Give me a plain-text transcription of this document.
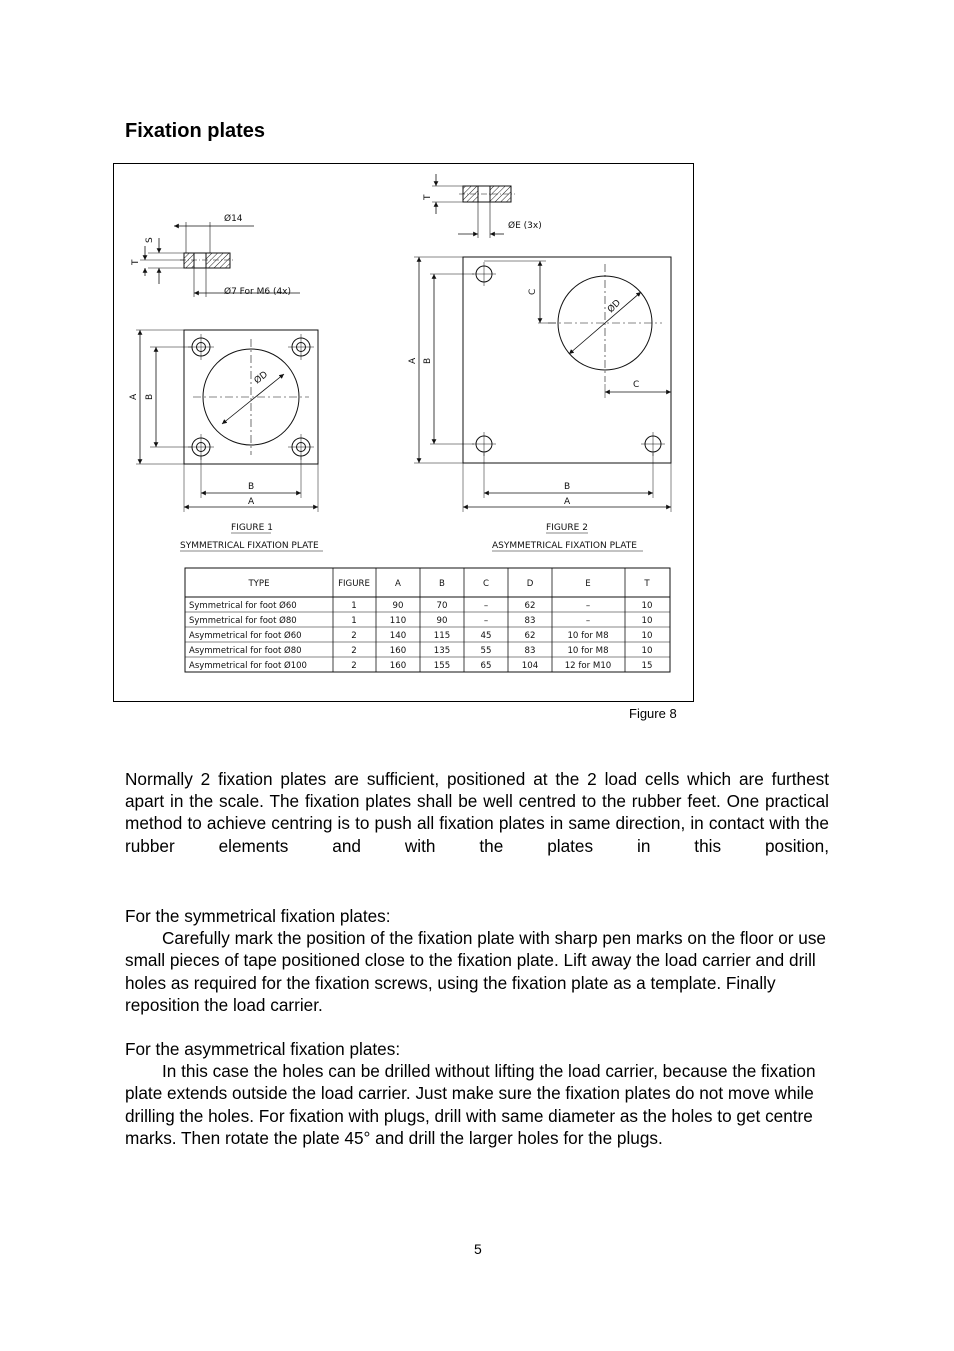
Fixation plates
Ø14
S
T
Ø7 For M6 (4x)
A B
ØD
B
A
FIGURE 1
SYMMETRICAL FIXATION PLATE
T
ØE (3x)
A B
C
C
ØD
B
A
FIGURE 2
ASYMMETRICAL FIXATION PLATE
TYPE	FIGURE	A	B	C	D	E	T
Symmetrical for foot Ø60	1	90	70	–	62	–	10
Symmetrical for foot Ø80	1	110	90	–	83	–	10
Asymmetrical for foot Ø60	2	140	115	45	62	10 for M8	10
Asymmetrical for foot Ø80	2	160	135	55	83	10 for M8	10
Asymmetrical for foot Ø100	2	160	155	65	104	12 for M10	15
Figure 8

Normally 2 fixation plates are sufficient, positioned at the 2 load cells which are furthest apart in the scale. The fixation plates shall be well centred to the rubber feet. One practical method to achieve centring is to push all fixation plates in same direction, in contact with the rubber elements and with the plates in this position,

For the symmetrical fixation plates:
Carefully mark the position of the fixation plate with sharp pen marks on the floor or use small pieces of tape positioned close to the fixation plate. Lift away the load carrier and drill holes as required for the fixation screws, using the fixation plate as a template. Finally reposition the load carrier.

For the asymmetrical fixation plates:
In this case the holes can be drilled without lifting the load carrier, because the fixation plate extends outside the load carrier. Just make sure the fixation plates do not move while drilling the holes. For fixation with plugs, drill with same diameter as the holes to get centre marks. Then rotate the plate 45° and drill the larger holes for the plugs.

5
